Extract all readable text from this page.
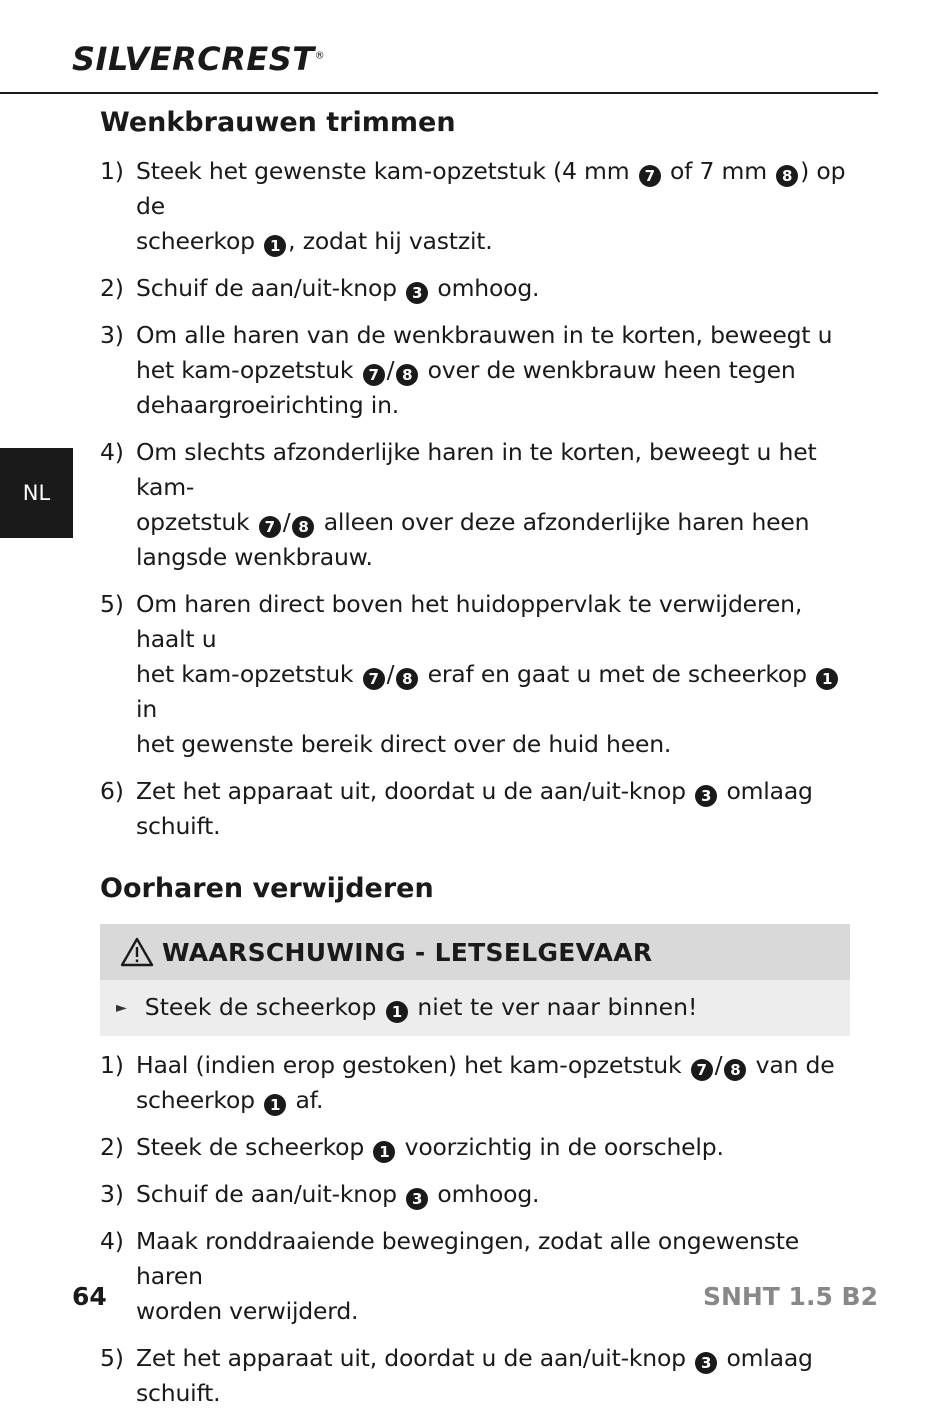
SILVERCREST®
NL
Wenkbrauwen trimmen
1) Steek het gewenste kam-opzetstuk (4 mm 7 of 7 mm 8 ) op de
scheerkop 1 , zodat hij vastzit.
2) Schuif de aan/uit-knop 3 omhoog.
3) Om alle haren van de wenkbrauwen in te korten, beweegt u
het kam-opzetstuk 7 / 8 over de wenkbrauw heen tegen dehaargroeirichting in.
4) Om slechts afzonderlijke haren in te korten, beweegt u het kam-
opzetstuk 7 / 8 alleen over deze afzonderlijke haren heen langsde wenkbrauw.
5) Om haren direct boven het huidoppervlak te verwijderen, haalt u
het kam-opzetstuk 7 / 8 eraf en gaat u met de scheerkop 1 in
het gewenste bereik direct over de huid heen.
6) Zet het apparaat uit, doordat u de aan/uit-knop 3 omlaag
schuift.
Oorharen verwijderen
WAARSCHUWING - LETSELGEVAAR
► Steek de scheerkop 1 niet te ver naar binnen!
1) Haal (indien erop gestoken) het kam-opzetstuk 7 / 8 van de
scheerkop 1 af.
2) Steek de scheerkop 1 voorzichtig in de oorschelp.
3) Schuif de aan/uit-knop 3 omhoog.
4) Maak ronddraaiende bewegingen, zodat alle ongewenste haren
worden verwijderd.
5) Zet het apparaat uit, doordat u de aan/uit-knop 3 omlaag
schuift.
64	SNHT 1.5 B2
